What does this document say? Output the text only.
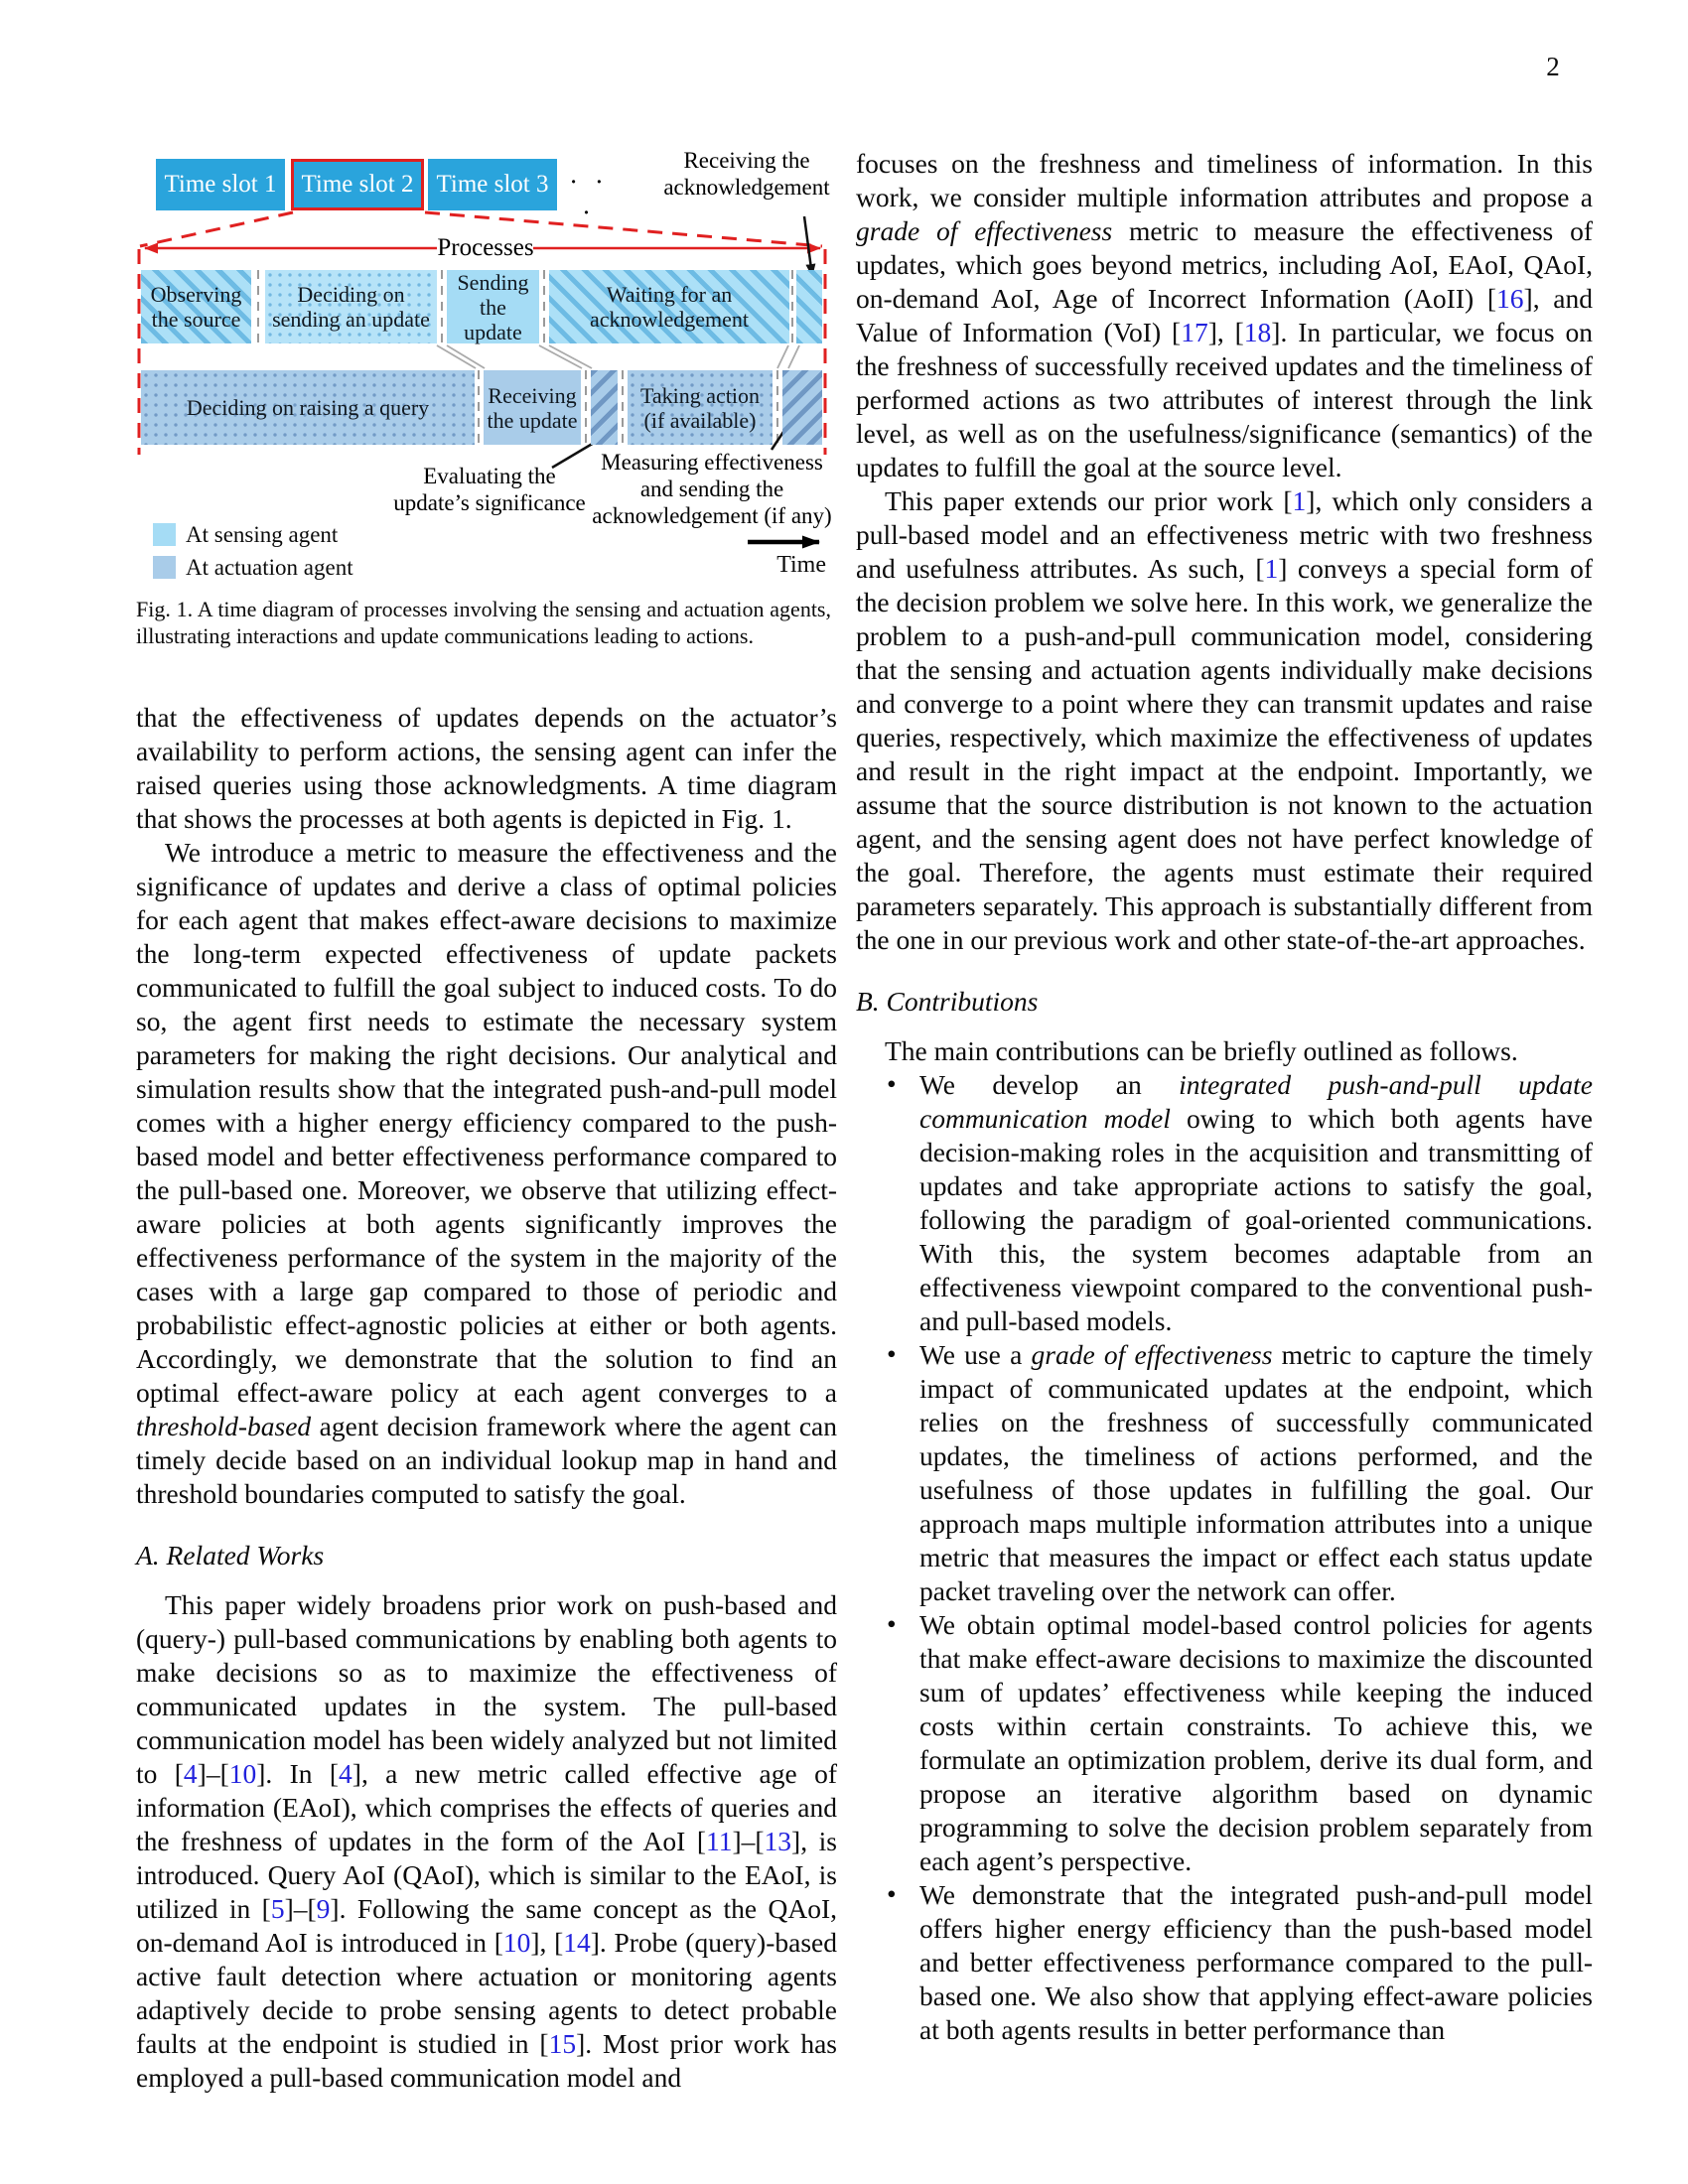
2
Time slot 1 Time slot 2 Time slot 3 · · ·
Receiving the
acknowledgement
Processes
Observing the source
Deciding on sending an update
Sending the update
Waiting for an acknowledgement
Deciding on raising a query	Receiving the update
Taking action (if available)
Evaluating the
update’s significance
Measuring effectiveness
and sending the
acknowledgement (if any)
At sensing agent
At actuation agent	Time
Fig. 1. A time diagram of processes involving the sensing and actuation agents, illustrating interactions and update communications leading to actions.

that the effectiveness of updates depends on the actuator’s availability to perform actions, the sensing agent can infer the raised queries using those acknowledgments. A time diagram that shows the processes at both agents is depicted in Fig. 1.

We introduce a metric to measure the effectiveness and the significance of updates and derive a class of optimal policies for each agent that makes effect-aware decisions to maximize the long-term expected effectiveness of update packets communicated to fulfill the goal subject to induced costs. To do so, the agent first needs to estimate the necessary system parameters for making the right decisions. Our analytical and simulation results show that the integrated push-and-pull model comes with a higher energy efficiency compared to the push-based model and better effectiveness performance compared to the pull-based one. Moreover, we observe that utilizing effect-aware policies at both agents significantly improves the effectiveness performance of the system in the majority of the cases with a large gap compared to those of periodic and probabilistic effect-agnostic policies at either or both agents. Accordingly, we demonstrate that the solution to find an optimal effect-aware policy at each agent converges to a threshold-based agent decision framework where the agent can timely decide based on an individual lookup map in hand and threshold boundaries computed to satisfy the goal.

A. Related Works

This paper widely broadens prior work on push-based and (query-) pull-based communications by enabling both agents to make decisions so as to maximize the effectiveness of communicated updates in the system. The pull-based communication model has been widely analyzed but not limited to [4]–[10]. In [4], a new metric called effective age of information (EAoI), which comprises the effects of queries and the freshness of updates in the form of the AoI [11]–[13], is introduced. Query AoI (QAoI), which is similar to the EAoI, is utilized in [5]–[9]. Following the same concept as the QAoI, on-demand AoI is introduced in [10], [14]. Probe (query)-based active fault detection where actuation or monitoring agents adaptively decide to probe sensing agents to detect probable faults at the endpoint is studied in [15]. Most prior work has employed a pull-based communication model and

focuses on the freshness and timeliness of information. In this work, we consider multiple information attributes and propose a grade of effectiveness metric to measure the effectiveness of updates, which goes beyond metrics, including AoI, EAoI, QAoI, on-demand AoI, Age of Incorrect Information (AoII) [16], and Value of Information (VoI) [17], [18]. In particular, we focus on the freshness of successfully received updates and the timeliness of performed actions as two attributes of interest through the link level, as well as on the usefulness/significance (semantics) of the updates to fulfill the goal at the source level.

This paper extends our prior work [1], which only considers a pull-based model and an effectiveness metric with two freshness and usefulness attributes. As such, [1] conveys a special form of the decision problem we solve here. In this work, we generalize the problem to a push-and-pull communication model, considering that the sensing and actuation agents individually make decisions and converge to a point where they can transmit updates and raise queries, respectively, which maximize the effectiveness of updates and result in the right impact at the endpoint. Importantly, we assume that the source distribution is not known to the actuation agent, and the sensing agent does not have perfect knowledge of the goal. Therefore, the agents must estimate their required parameters separately. This approach is substantially different from the one in our previous work and other state-of-the-art approaches.

B. Contributions

The main contributions can be briefly outlined as follows.

• We develop an integrated push-and-pull update communication model owing to which both agents have decision-making roles in the acquisition and transmitting of updates and take appropriate actions to satisfy the goal, following the paradigm of goal-oriented communications. With this, the system becomes adaptable from an effectiveness viewpoint compared to the conventional push- and pull-based models.
• We use a grade of effectiveness metric to capture the timely impact of communicated updates at the endpoint, which relies on the freshness of successfully communicated updates, the timeliness of actions performed, and the usefulness of those updates in fulfilling the goal. Our approach maps multiple information attributes into a unique metric that measures the impact or effect each status update packet traveling over the network can offer.
• We obtain optimal model-based control policies for agents that make effect-aware decisions to maximize the discounted sum of updates’ effectiveness while keeping the induced costs within certain constraints. To achieve this, we formulate an optimization problem, derive its dual form, and propose an iterative algorithm based on dynamic programming to solve the decision problem separately from each agent’s perspective.
• We demonstrate that the integrated push-and-pull model offers higher energy efficiency than the push-based model and better effectiveness performance compared to the pull-based one. We also show that applying effect-aware policies at both agents results in better performance than
